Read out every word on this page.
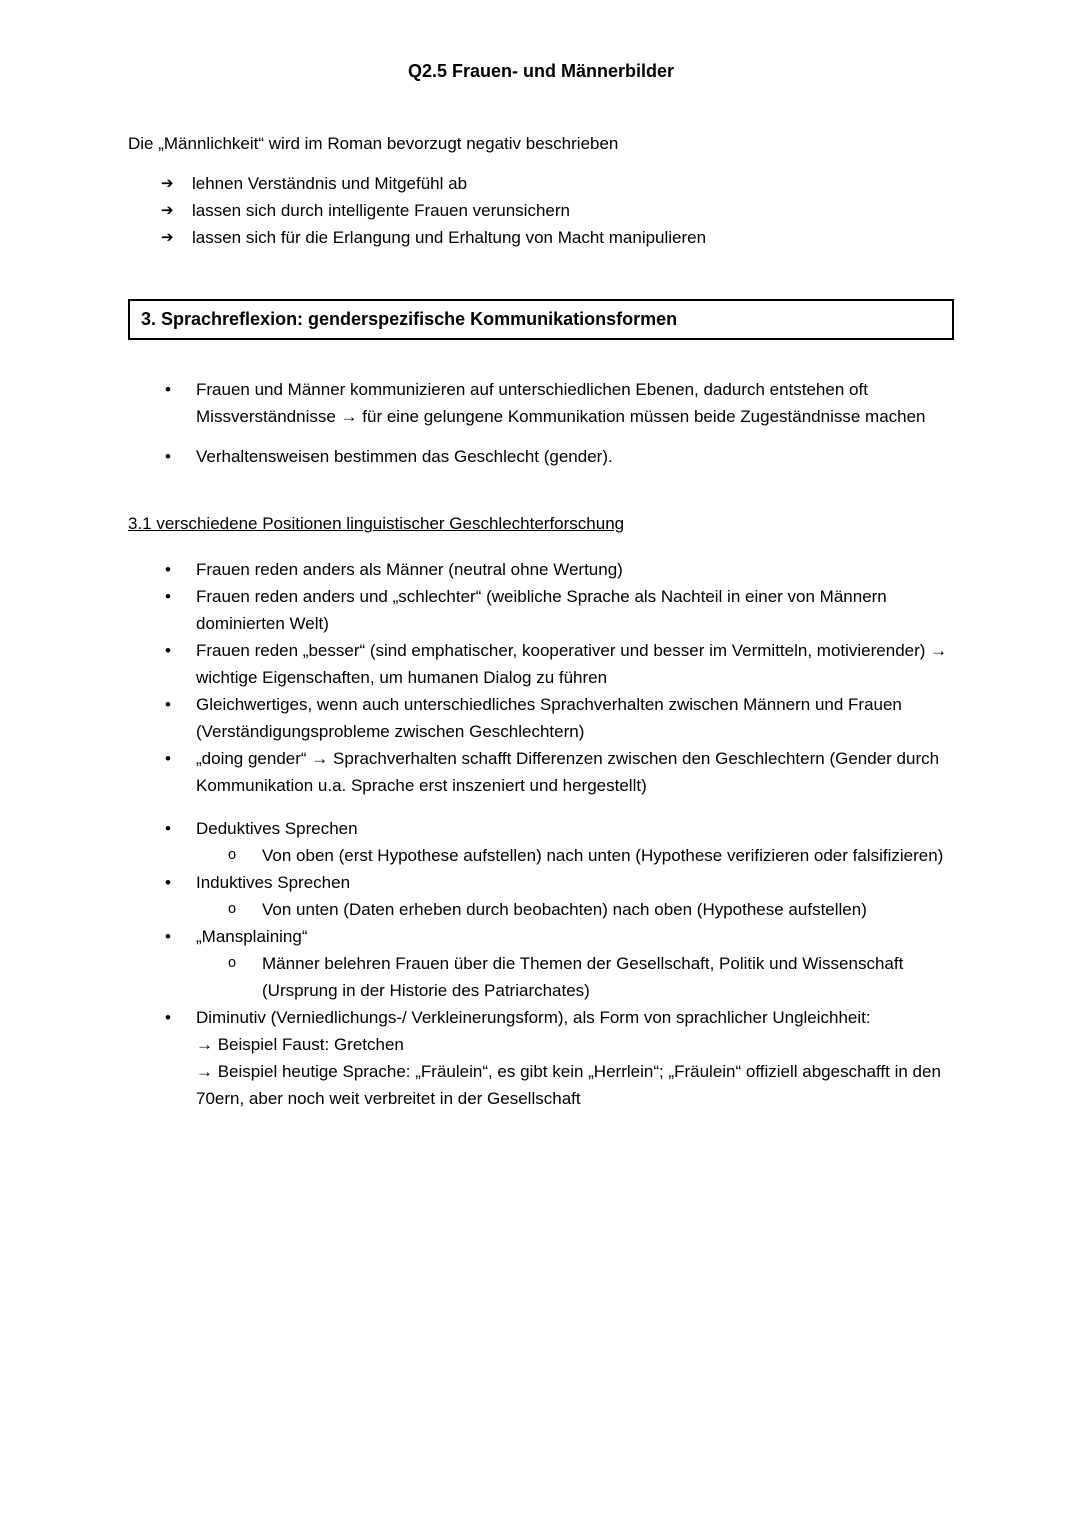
Q2.5 Frauen- und Männerbilder

Die „Männlichkeit“ wird im Roman bevorzugt negativ beschrieben

➔	lehnen Verständnis und Mitgefühl ab
➔	lassen sich durch intelligente Frauen verunsichern
➔	lassen sich für die Erlangung und Erhaltung von Macht manipulieren
3. Sprachreflexion: genderspezifische Kommunikationsformen
•	Frauen und Männer kommunizieren auf unterschiedlichen Ebenen, dadurch entstehen oft Missverständnisse → für eine gelungene Kommunikation müssen beide Zugeständnisse machen
•	Verhaltensweisen bestimmen das Geschlecht (gender).
3.1 verschiedene Positionen linguistischer Geschlechterforschung
•	Frauen reden anders als Männer (neutral ohne Wertung)
•	Frauen reden anders und „schlechter“ (weibliche Sprache als Nachteil in einer von Männern dominierten Welt)
•	Frauen reden „besser“ (sind emphatischer, kooperativer und besser im Vermitteln, motivierender) → wichtige Eigenschaften, um humanen Dialog zu führen
•	Gleichwertiges, wenn auch unterschiedliches Sprachverhalten zwischen Männern und Frauen (Verständigungsprobleme zwischen Geschlechtern)
•	„doing gender“ → Sprachverhalten schafft Differenzen zwischen den Geschlechtern (Gender durch Kommunikation u.a. Sprache erst inszeniert und hergestellt)
•	Deduktives Sprechen
o	Von oben (erst Hypothese aufstellen) nach unten (Hypothese verifizieren oder falsifizieren)
•	Induktives Sprechen
o	Von unten (Daten erheben durch beobachten) nach oben (Hypothese aufstellen)
•	„Mansplaining“
o	Männer belehren Frauen über die Themen der Gesellschaft, Politik und Wissenschaft (Ursprung in der Historie des Patriarchates)
•	Diminutiv (Verniedlichungs-/ Verkleinerungsform), als Form von sprachlicher Ungleichheit:
→ Beispiel Faust: Gretchen
→ Beispiel heutige Sprache: „Fräulein“, es gibt kein „Herrlein“; „Fräulein“ offiziell abgeschafft in den 70ern, aber noch weit verbreitet in der Gesellschaft
